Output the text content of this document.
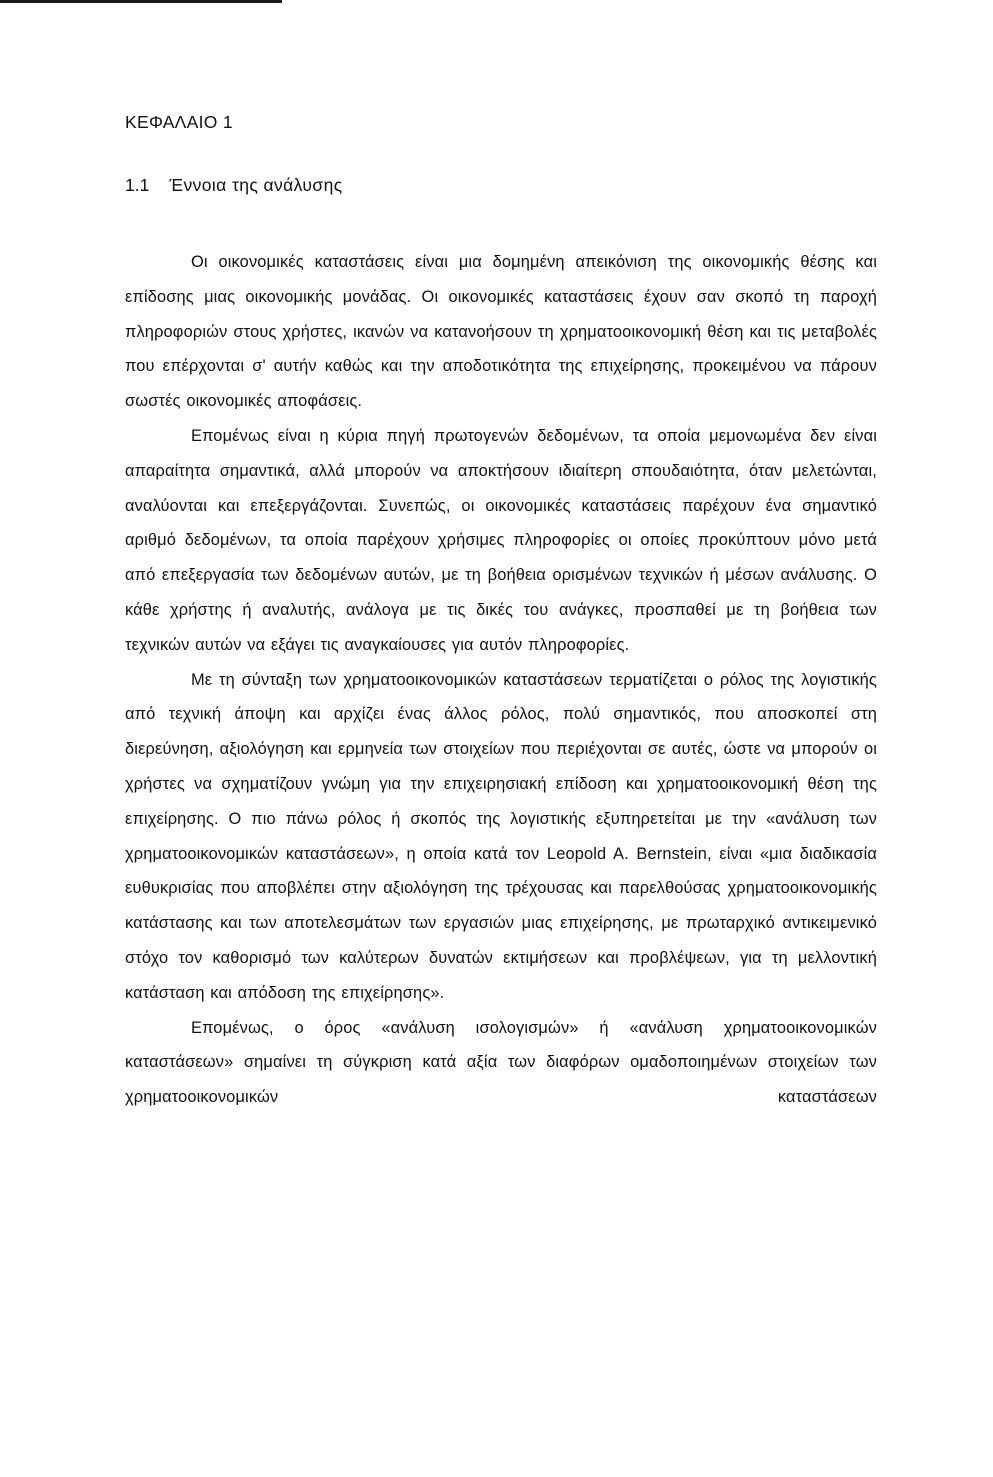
ΚΕΦΑΛΑΙΟ 1

1.1 Έννοια της ανάλυσης

Οι οικονομικές καταστάσεις είναι μια δομημένη απεικόνιση της οικονομικής θέσης και επίδοσης μιας οικονομικής μονάδας. Οι οικονομικές καταστάσεις έχουν σαν σκοπό τη παροχή πληροφοριών στους χρήστες, ικανών να κατανοήσουν τη χρηματοοικονομική θέση και τις μεταβολές που επέρχονται σ' αυτήν καθώς και την αποδοτικότητα της επιχείρησης, προκειμένου να πάρουν σωστές οικονομικές αποφάσεις.

Επομένως είναι η κύρια πηγή πρωτογενών δεδομένων, τα οποία μεμονωμένα δεν είναι απαραίτητα σημαντικά, αλλά μπορούν να αποκτήσουν ιδιαίτερη σπουδαιότητα, όταν μελετώνται, αναλύονται και επεξεργάζονται. Συνεπώς, οι οικονομικές καταστάσεις παρέχουν ένα σημαντικό αριθμό δεδομένων, τα οποία παρέχουν χρήσιμες πληροφορίες οι οποίες προκύπτουν μόνο μετά από επεξεργασία των δεδομένων αυτών, με τη βοήθεια ορισμένων τεχνικών ή μέσων ανάλυσης. Ο κάθε χρήστης ή αναλυτής, ανάλογα με τις δικές του ανάγκες, προσπαθεί με τη βοήθεια των τεχνικών αυτών να εξάγει τις αναγκαίουσες για αυτόν πληροφορίες.

Με τη σύνταξη των χρηματοοικονομικών καταστάσεων τερματίζεται ο ρόλος της λογιστικής από τεχνική άποψη και αρχίζει ένας άλλος ρόλος, πολύ σημαντικός, που αποσκοπεί στη διερεύνηση, αξιολόγηση και ερμηνεία των στοιχείων που περιέχονται σε αυτές, ώστε να μπορούν οι χρήστες να σχηματίζουν γνώμη για την επιχειρησιακή επίδοση και χρηματοοικονομική θέση της επιχείρησης. Ο πιο πάνω ρόλος ή σκοπός της λογιστικής εξυπηρετείται με την «ανάλυση των χρηματοοικονομικών καταστάσεων», η οποία κατά τον Leopold A. Bernstein, είναι «μια διαδικασία ευθυκρισίας που αποβλέπει στην αξιολόγηση της τρέχουσας και παρελθούσας χρηματοοικονομικής κατάστασης και των αποτελεσμάτων των εργασιών μιας επιχείρησης, με πρωταρχικό αντικειμενικό στόχο τον καθορισμό των καλύτερων δυνατών εκτιμήσεων και προβλέψεων, για τη μελλοντική κατάσταση και απόδοση της επιχείρησης».

Επομένως, ο όρος «ανάλυση ισολογισμών» ή «ανάλυση χρηματοοικονομικών καταστάσεων» σημαίνει τη σύγκριση κατά αξία των διαφόρων ομαδοποιημένων στοιχείων των χρηματοοικονομικών καταστάσεων
